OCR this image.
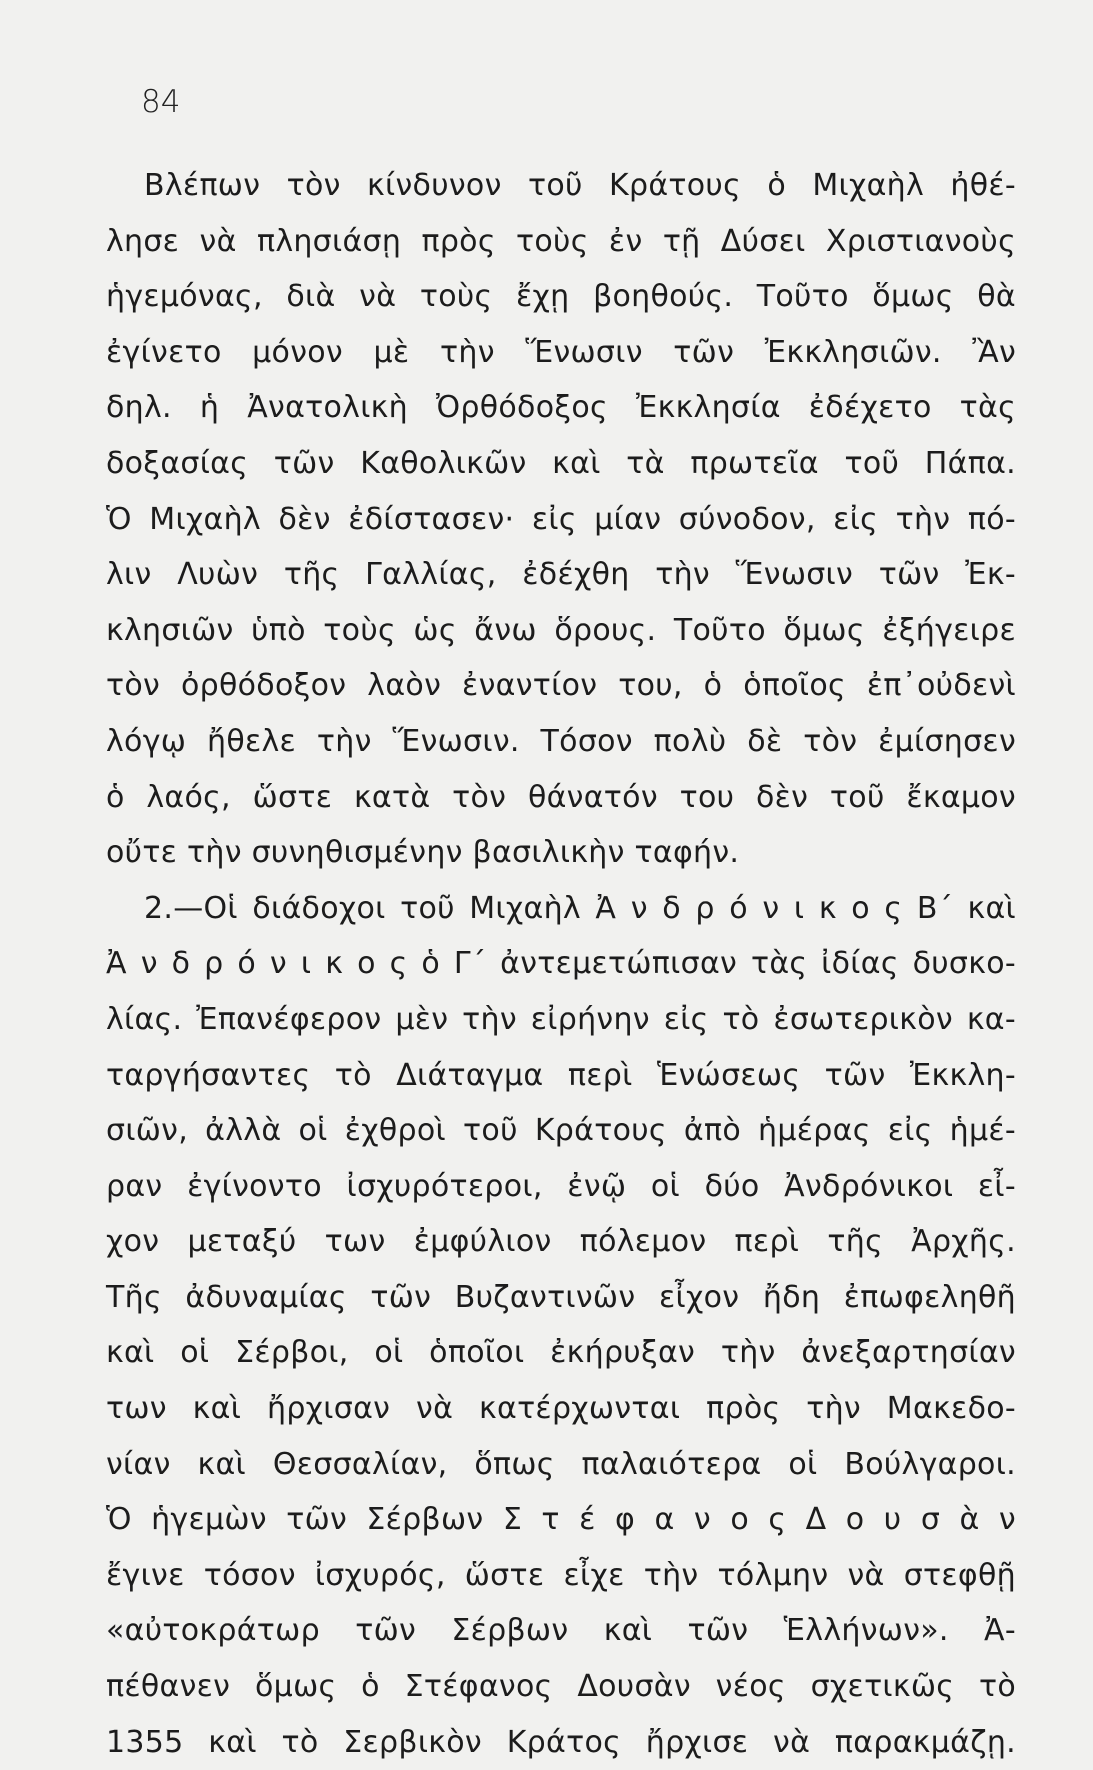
84
Βλέπων τὸν κίνδυνον τοῦ Κράτους ὁ Μιχαὴλ ἠθέ-
λησε νὰ πλησιάσῃ πρὸς τοὺς ἐν τῇ Δύσει Χριστιανοὺς
ἡγεμόνας, διὰ νὰ τοὺς ἔχῃ βοηθούς. Τοῦτο ὅμως θὰ
ἐγίνετο μόνον μὲ τὴν Ἕνωσιν τῶν Ἐκκλησιῶν. Ἂν
δηλ. ἡ Ἀνατολικὴ Ὀρθόδοξος Ἐκκλησία ἐδέχετο τὰς
δοξασίας τῶν Καθολικῶν καὶ τὰ πρωτεῖα τοῦ Πάπα.
Ὁ Μιχαὴλ δὲν ἐδίστασεν· εἰς μίαν σύνοδον, εἰς τὴν πό-
λιν Λυὼν τῆς Γαλλίας, ἐδέχθη τὴν Ἕνωσιν τῶν Ἐκ-
κλησιῶν ὑπὸ τοὺς ὡς ἄνω ὅρους. Τοῦτο ὅμως ἐξήγειρε
τὸν ὀρθόδοξον λαὸν ἐναντίον του, ὁ ὁποῖος ἐπ᾽οὐδενὶ
λόγῳ ἤθελε τὴν Ἕνωσιν. Τόσον πολὺ δὲ τὸν ἐμίσησεν
ὁ λαός, ὥστε κατὰ τὸν θάνατόν του δὲν τοῦ ἔκαμον
οὔτε τὴν συνηθισμένην βασιλικὴν ταφήν.
2.—Οἱ διάδοχοι τοῦ Μιχαὴλ Ἀ ν δ ρ ό ν ι κ ο ς Β΄ καὶ
Ἀ ν δ ρ ό ν ι κ ο ς ὁ Γ΄ ἀντεμετώπισαν τὰς ἰδίας δυσκο-
λίας. Ἐπανέφερον μὲν τὴν εἰρήνην εἰς τὸ ἐσωτερικὸν κα-
ταργήσαντες τὸ Διάταγμα περὶ Ἑνώσεως τῶν Ἐκκλη-
σιῶν, ἀλλὰ οἱ ἐχθροὶ τοῦ Κράτους ἀπὸ ἡμέρας εἰς ἡμέ-
ραν ἐγίνοντο ἰσχυρότεροι, ἐνῷ οἱ δύο Ἀνδρόνικοι εἶ-
χον μεταξύ των ἐμφύλιον πόλεμον περὶ τῆς Ἀρχῆς.
Τῆς ἀδυναμίας τῶν Βυζαντινῶν εἶχον ἤδη ἐπωφεληθῆ
καὶ οἱ Σέρβοι, οἱ ὁποῖοι ἐκήρυξαν τὴν ἀνεξαρτησίαν
των καὶ ἤρχισαν νὰ κατέρχωνται πρὸς τὴν Μακεδο-
νίαν καὶ Θεσσαλίαν, ὅπως παλαιότερα οἱ Βούλγαροι.
Ὁ ἡγεμὼν τῶν Σέρβων Σ τ έ φ α ν ο ς Δ ο υ σ ὰ ν
ἔγινε τόσον ἰσχυρός, ὥστε εἶχε τὴν τόλμην νὰ στεφθῇ
«αὐτοκράτωρ τῶν Σέρβων καὶ τῶν Ἑλλήνων». Ἀ-
πέθανεν ὅμως ὁ Στέφανος Δουσὰν νέος σχετικῶς τὸ
1355 καὶ τὸ Σερβικὸν Κράτος ἤρχισε νὰ παρακμάζῃ.
